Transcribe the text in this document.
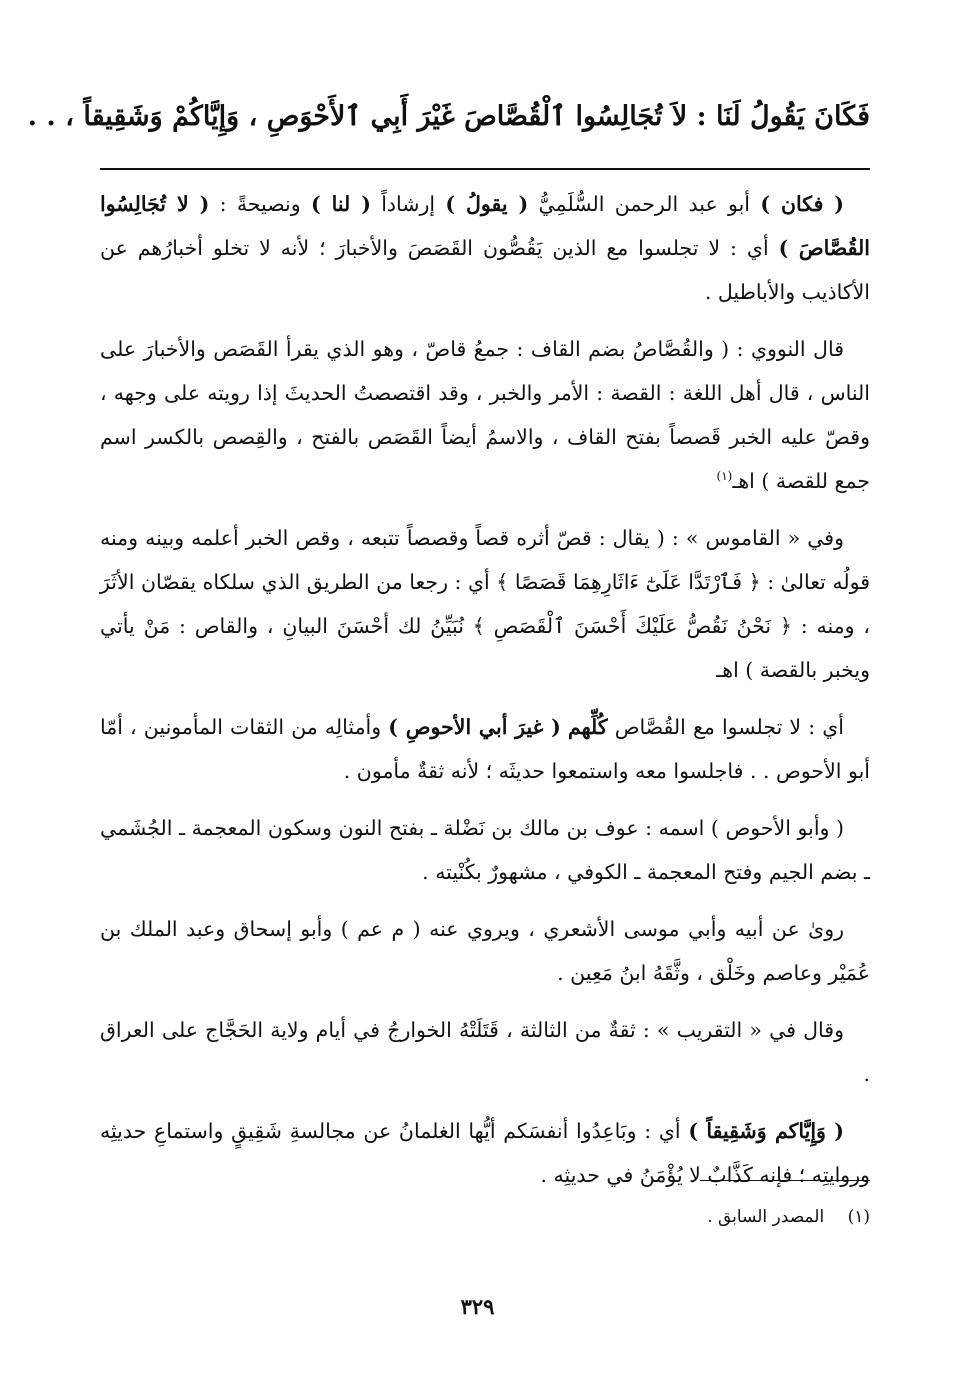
فَكَانَ يَقُولُ لَنَا : لاَ تُجَالِسُوا ٱلْقُصَّاصَ غَيْرَ أَبِي ٱلأَحْوَصِ ، وَإِيَّاكُمْ وَشَقِيقاً ، . .

( فكان ) أبو عبد الرحمن السُّلَمِيُّ ( يقولُ ) إرشاداً ( لنا ) ونصيحةً : ( لا تُجَالِسُوا القُصَّاصَ ) أي : لا تجلسوا مع الذين يَقُصُّون القَصَصَ والأخبارَ ؛ لأنه لا تخلو أخبارُهم عن الأكاذيب والأباطيل .

قال النووي : ( والقُصَّاصُ بضم القاف : جمعُ قاصّ ، وهو الذي يقرأ القَصَص والأخبارَ على الناس ، قال أهل اللغة : القصة : الأمر والخبر ، وقد اقتصصتُ الحديثَ إذا رويته على وجهه ، وقصّ عليه الخبر قَصصاً بفتح القاف ، والاسمُ أيضاً القَصَص بالفتح ، والقِصص بالكسر اسم جمع للقصة ) اهـ$^{(١)}$

وفي « القاموس » : ( يقال : قصّ أثره قصاً وقصصاً تتبعه ، وقص الخبر أعلمه وبينه ومنه قولُه تعالىٰ : ﴿ فَٱرْتَدَّا عَلَىٰٓ ءَاثَارِهِمَا قَصَصًا ﴾ أي : رجعا من الطريق الذي سلكاه يقصّان الأثَرَ ، ومنه : ﴿ نَحْنُ نَقُصُّ عَلَيْكَ أَحْسَنَ ٱلْقَصَصِ ﴾ نُبَيِّنُ لك أحْسَنَ البيانِ ، والقاص : مَنْ يأتي ويخبر بالقصة ) اهـ

أي : لا تجلسوا مع القُصَّاص كُلِّهم ( غيرَ أبي الأحوصِ ) وأمثالِه من الثقات المأمونين ، أمّا أبو الأحوص . . فاجلسوا معه واستمعوا حديثَه ؛ لأنه ثقةٌ مأمون .

( وأبو الأحوص ) اسمه : عوف بن مالك بن نَضْلة ـ بفتح النون وسكون المعجمة ـ الجُشَمي ـ بضم الجيم وفتح المعجمة ـ الكوفي ، مشهورٌ بكُنْيته .

روىٰ عن أبيه وأبي موسى الأشعري ، ويروي عنه ( م عم ) وأبو إسحاق وعبد الملك بن عُمَيْر وعاصم وخَلْق ، وثَّقَهُ ابنُ مَعِين .

وقال في « التقريب » : ثقةٌ من الثالثة ، قَتَلَتْهُ الخوارجُ في أيام ولاية الحَجَّاج على العراق .

( وَإِيَّاكم وَشَقِيقاً ) أي : وبَاعِدُوا أنفسَكم أيُّها الغلمانُ عن مجالسةِ شَقِيقٍ واستماعِ حديثِه وروايتِه ؛ فإنه كَذَّابٌ لا يُؤْمَنُ في حديثِه .

(١) المصدر السابق .
٣٢٩
